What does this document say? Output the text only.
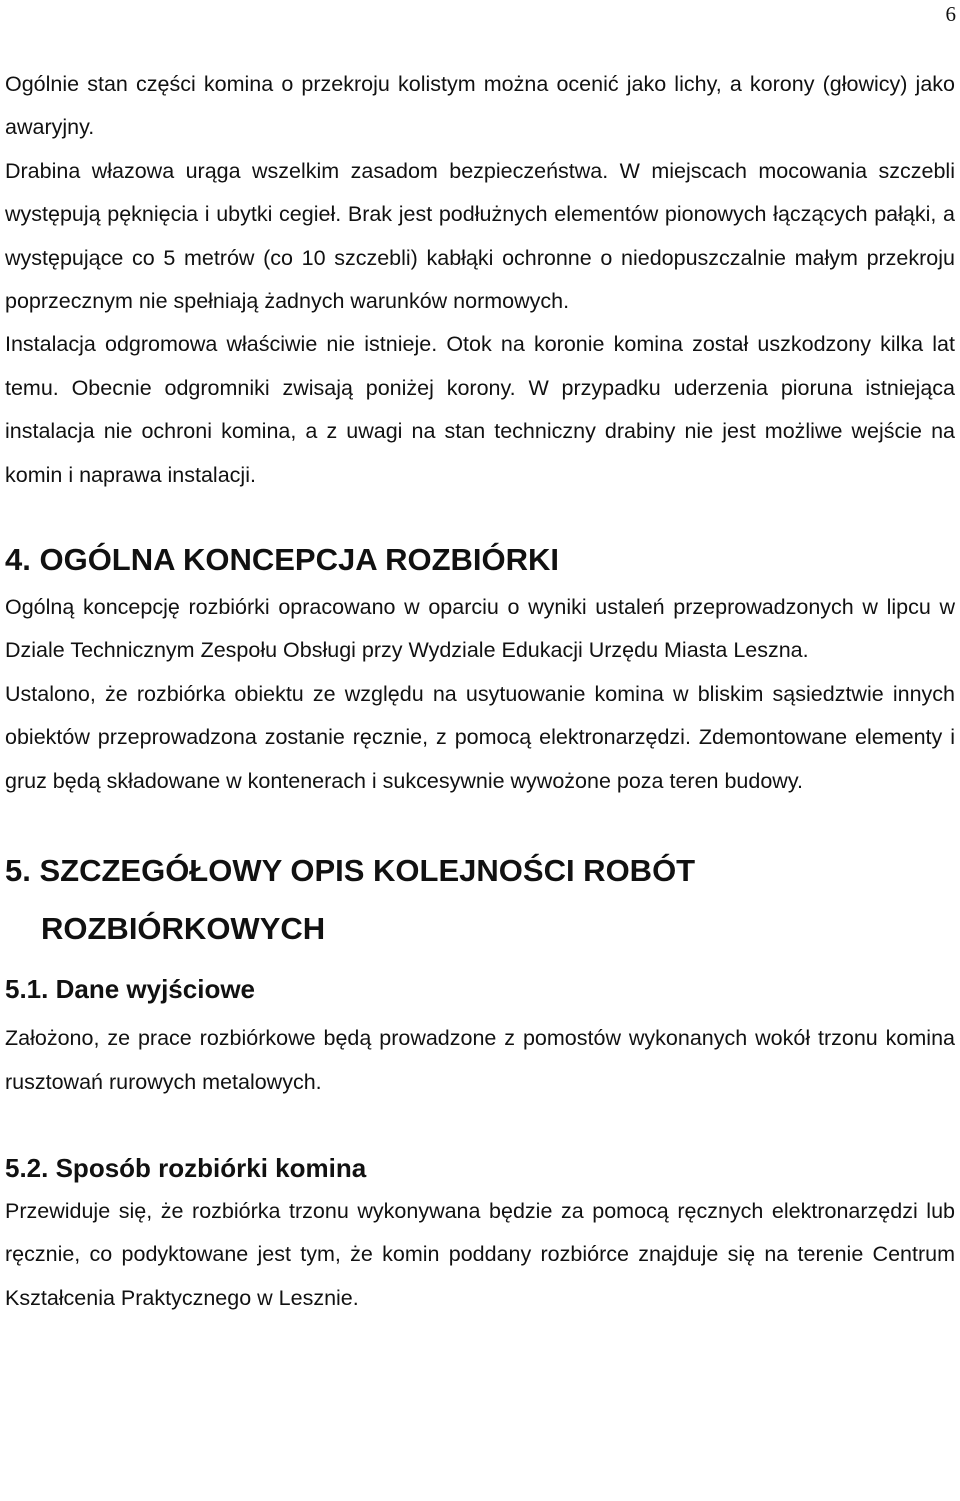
6

Ogólnie stan części komina o przekroju kolistym można ocenić jako lichy, a korony (głowicy) jako awaryjny.

Drabina włazowa urąga wszelkim zasadom bezpieczeństwa. W miejscach mocowania szczebli występują pęknięcia i ubytki cegieł. Brak jest podłużnych elementów pionowych łączących pałąki, a występujące co 5 metrów (co 10 szczebli) kabłąki ochronne o niedopuszczalnie małym przekroju poprzecznym nie spełniają żadnych warunków normowych.

Instalacja odgromowa właściwie nie istnieje. Otok na koronie komina został uszkodzony kilka lat temu. Obecnie odgromniki zwisają poniżej korony. W przypadku uderzenia pioruna istniejąca instalacja nie ochroni komina, a z uwagi na stan techniczny drabiny nie jest możliwe wejście na komin i naprawa instalacji.

4. OGÓLNA KONCEPCJA ROZBIÓRKI

Ogólną koncepcję rozbiórki opracowano w oparciu o wyniki ustaleń przeprowadzonych w lipcu w Dziale Technicznym Zespołu Obsługi przy Wydziale Edukacji Urzędu Miasta Leszna.

Ustalono, że rozbiórka obiektu ze względu na usytuowanie komina w bliskim sąsiedztwie innych obiektów przeprowadzona zostanie ręcznie, z pomocą elektronarzędzi. Zdemontowane elementy i gruz będą składowane w kontenerach i sukcesywnie wywożone poza teren budowy.

5. SZCZEGÓŁOWY OPIS KOLEJNOŚCI ROBÓT
ROZBIÓRKOWYCH
5.1. Dane wyjściowe

Założono, ze prace rozbiórkowe będą prowadzone z pomostów wykonanych wokół trzonu komina rusztowań rurowych metalowych.

5.2. Sposób rozbiórki komina

Przewiduje się, że rozbiórka trzonu wykonywana będzie za pomocą ręcznych elektronarzędzi lub ręcznie, co podyktowane jest tym, że komin poddany rozbiórce znajduje się na terenie Centrum Kształcenia Praktycznego w Lesznie.
